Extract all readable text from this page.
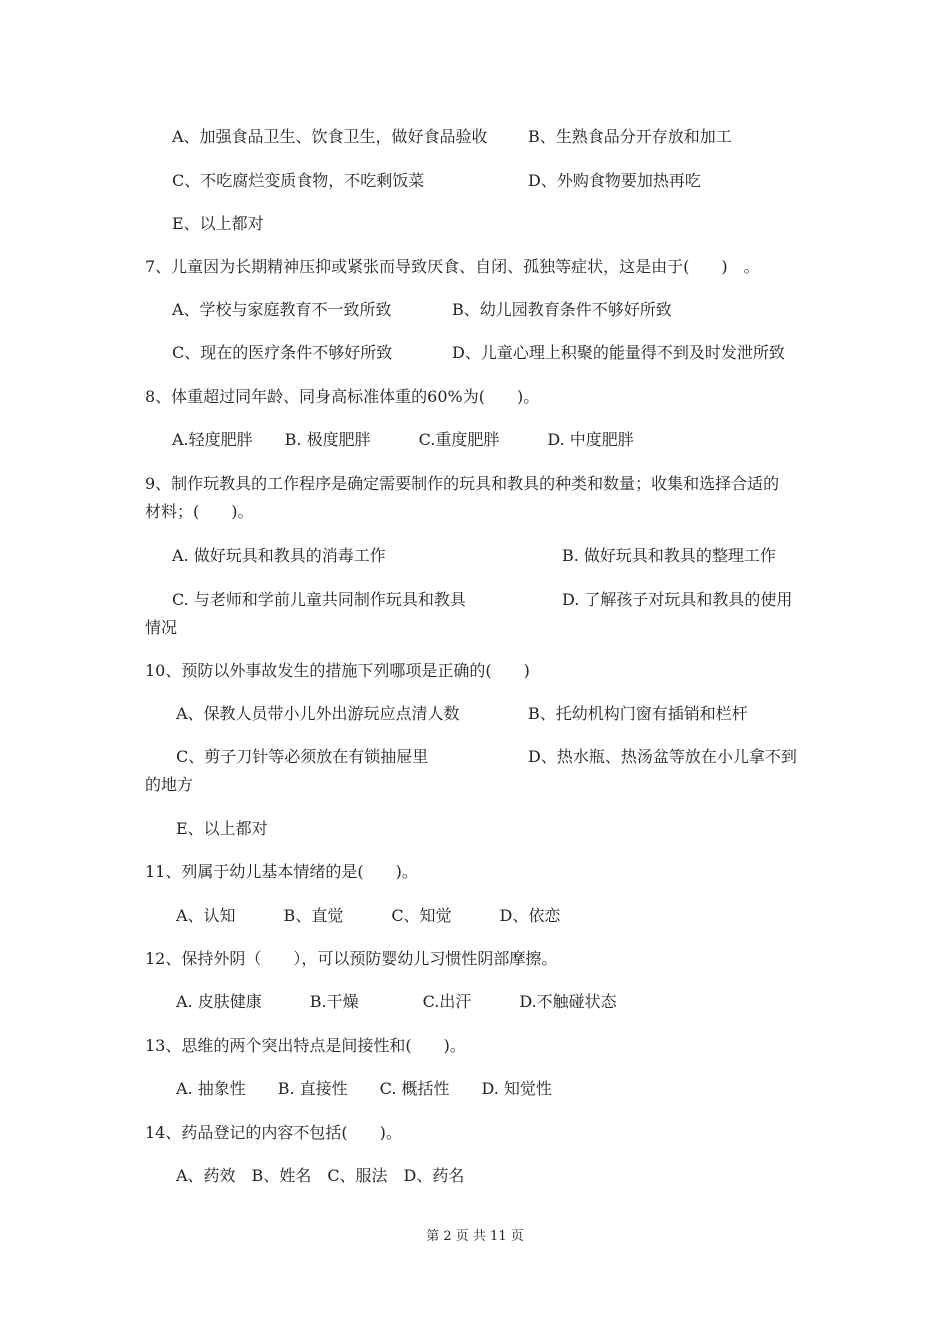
A、加强食品卫生、饮食卫生，做好食品验收	B、生熟食品分开存放和加工
C、不吃腐烂变质食物，不吃剩饭菜	D、外购食物要加热再吃
E、以上都对
7、儿童因为长期精神压抑或紧张而导致厌食、自闭、孤独等症状，这是由于(　　)　。
A、学校与家庭教育不一致所致	B、幼儿园教育条件不够好所致
C、现在的医疗条件不够好所致	D、儿童心理上积聚的能量得不到及时发泄所致
8、体重超过同年龄、同身高标准体重的60%为(　　)。
A.轻度肥胖　　B. 极度肥胖　　　C.重度肥胖　　　D. 中度肥胖
9、制作玩教具的工作程序是确定需要制作的玩具和教具的种类和数量；收集和选择合适的
材料；(　　)。
A. 做好玩具和教具的消毒工作	B. 做好玩具和教具的整理工作
C. 与老师和学前儿童共同制作玩具和教具	D. 了解孩子对玩具和教具的使用
情况
10、预防以外事故发生的措施下列哪项是正确的(　　)
A、保教人员带小儿外出游玩应点清人数	B、托幼机构门窗有插销和栏杆
C、剪子刀针等必须放在有锁抽屉里	D、热水瓶、热汤盆等放在小儿拿不到
的地方
E、以上都对
11、列属于幼儿基本情绪的是(　　)。
A、认知　　　B、直觉　　　C、知觉　　　D、依恋
12、保持外阴（　　），可以预防婴幼儿习惯性阴部摩擦。
A. 皮肤健康　　　B.干燥　　　　C.出汗　　　D.不触碰状态
13、思维的两个突出特点是间接性和(　　)。
A. 抽象性　　B. 直接性　　C. 概括性　　D. 知觉性
14、药品登记的内容不包括(　　)。
A、药效　B、姓名　C、服法　D、药名
第 2 页 共 11 页
